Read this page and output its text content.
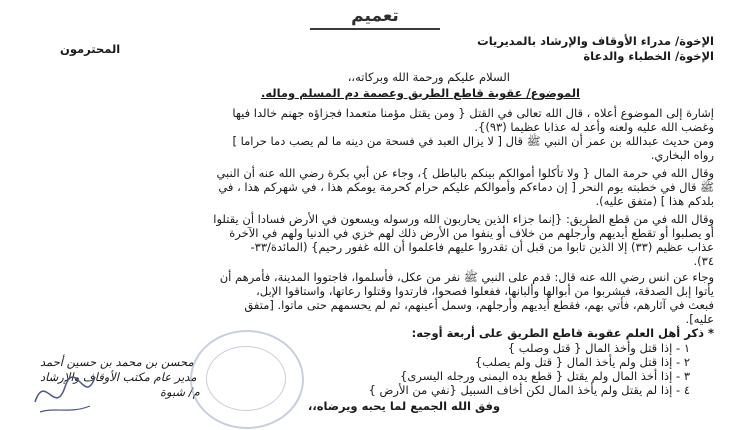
تعميم
الإخوة/ مدراء الأوقاف والإرشاد بالمديريات
الإخوة/ الخطباء والدعاة
المحترمون
السلام عليكم ورحمة الله وبركاته،،
الموضوع/ عقوبة قاطع الطريق وعصمة دم المسلم وماله.
إشارة إلى الموضوع أعلاه ، قال الله تعالى في القتل { ومن يقتل مؤمنا متعمدا فجزاؤه جهنم خالدا فيها
وغضب الله عليه ولعنه وأعد له عذابا عظيما (٩٣)}.
ومن حديث عبدالله بن عمر أن النبي ﷺ قال [ لا يزال العبد في فسحة من دينه ما لم يصب دما حراما ]
رواه البخاري.
وقال الله في حرمة المال { ولا تأكلوا أموالكم بينكم بالباطل }، وجاء عن أبي بكرة رضي الله عنه أن النبي
ﷺ قال في خطبته يوم النحر [ إن دماءكم وأموالكم عليكم حرام كحرمة يومكم هذا ، في شهركم هذا ، في
بلدكم هذا ] (متفق عليه).
وقال الله في من قطع الطريق: {إنما جزاء الذين يحاربون الله ورسوله ويسعون في الأرض فسادا أن يقتلوا
أو يصلبوا أو تقطع أيديهم وأرجلهم من خلاف أو ينفوا من الأرض ذلك لهم خزي في الدنيا ولهم في الآخرة
عذاب عظيم (٣٣) إلا الذين تابوا من قبل أن تقدروا عليهم فاعلموا أن الله غفور رحيم} (المائدة/٣٣-
٣٤).
وجاء عن انس رضي الله عنه قال: قدم على النبي ﷺ نفر من عكل، فأسلموا، فاجتووا المدينة، فأمرهم أن
يأتوا إبل الصدقة، فيشربوا من أبوالها وألبانها، ففعلوا فصحوا، فارتدوا وقتلوا رعاتها، واستاقوا الإبل،
فبعث في آثارهم، فأتي بهم، فقطع أيديهم وأرجلهم، وسمل أعينهم، ثم لم يحسمهم حتى ماتوا. [متفق
عليه].
* ذكر أهل العلم عقوبة قاطع الطريق على أربعة أوجه:
١ - إذا قتل وأخذ المال { قتل وصلب }
٢ - إذا قتل ولم يأخذ المال { قتل ولم يصلب}
٣ - إذا أخذ المال ولم يقتل { قطع يده اليمنى ورجله اليسرى}
٤ - إذا لم يقتل ولم يأخذ المال لكن أخاف السبيل {نفي من الأرض }
وفق الله الجميع لما يحبه ويرضاه،،
محسن بن محمد بن حسين أحمد
مدير عام مكتب الأوقاف والإرشاد
م/ شبوة
